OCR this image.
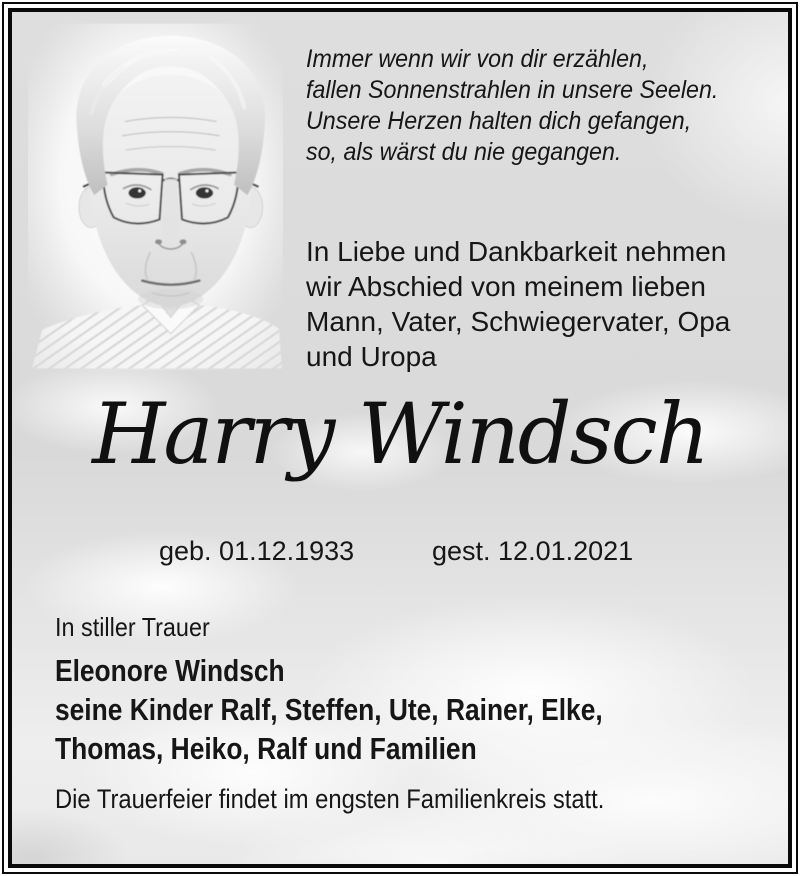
Immer wenn wir von dir erzählen,
fallen Sonnenstrahlen in unsere Seelen.
Unsere Herzen halten dich gefangen,
so, als wärst du nie gegangen.
In Liebe und Dankbarkeit nehmen
wir Abschied von meinem lieben
Mann, Vater, Schwiegervater, Opa
und Uropa
Harry Windsch
geb. 01.12.1933	gest. 12.01.2021
In stiller Trauer
Eleonore Windsch
seine Kinder Ralf, Steffen, Ute, Rainer, Elke,
Thomas, Heiko, Ralf und Familien
Die Trauerfeier findet im engsten Familienkreis statt.
